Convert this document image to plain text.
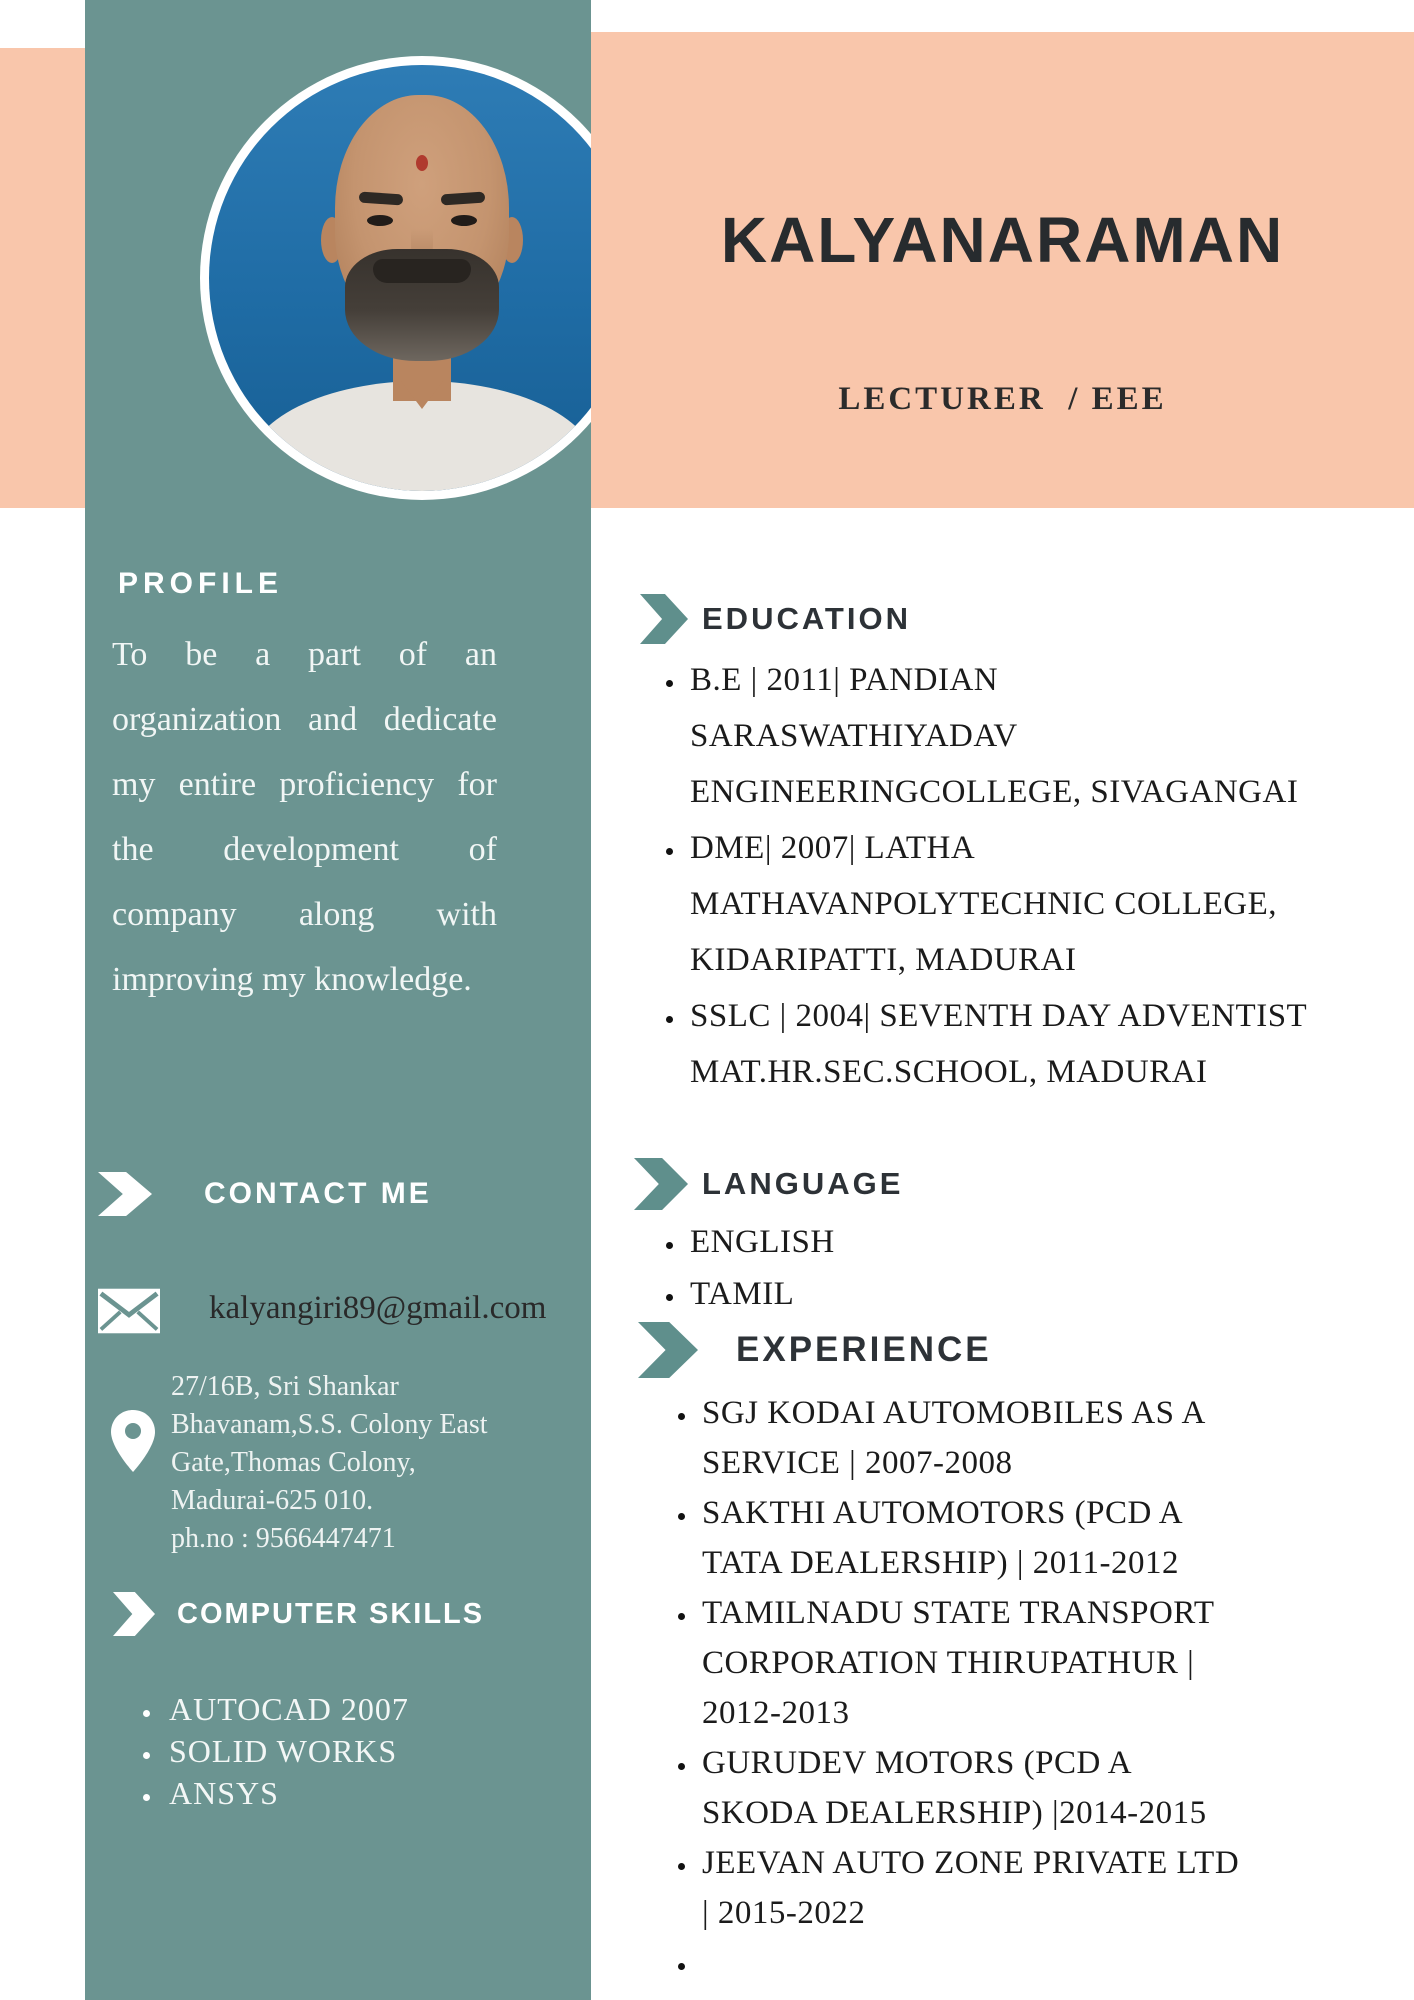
PROFILE

To be a part of an organization and dedicate my entire proficiency for the development of company along with improving my knowledge.

CONTACT ME
kalyangiri89@gmail.com
27/16B, Sri Shankar
Bhavanam,S.S. Colony East
Gate,Thomas Colony,
Madurai-625 010.
ph.no : 9566447471
COMPUTER SKILLS
• AUTOCAD 2007
• SOLID WORKS
• ANSYS
KALYANARAMAN
LECTURER  / EEE
EDUCATION
• B.E | 2011| PANDIAN SARASWATHIYADAV ENGINEERINGCOLLEGE, SIVAGANGAI
• DME| 2007| LATHA MATHAVANPOLYTECHNIC COLLEGE, KIDARIPATTI, MADURAI
• SSLC | 2004| SEVENTH DAY ADVENTIST MAT.HR.SEC.SCHOOL, MADURAI
LANGUAGE
• ENGLISH
• TAMIL
EXPERIENCE
• SGJ KODAI AUTOMOBILES AS A SERVICE | 2007-2008
• SAKTHI AUTOMOTORS (PCD A TATA DEALERSHIP) | 2011-2012
• TAMILNADU STATE TRANSPORT CORPORATION THIRUPATHUR | 2012-2013
• GURUDEV MOTORS (PCD A SKODA DEALERSHIP) |2014-2015
• JEEVAN AUTO ZONE PRIVATE LTD | 2015-2022
•
